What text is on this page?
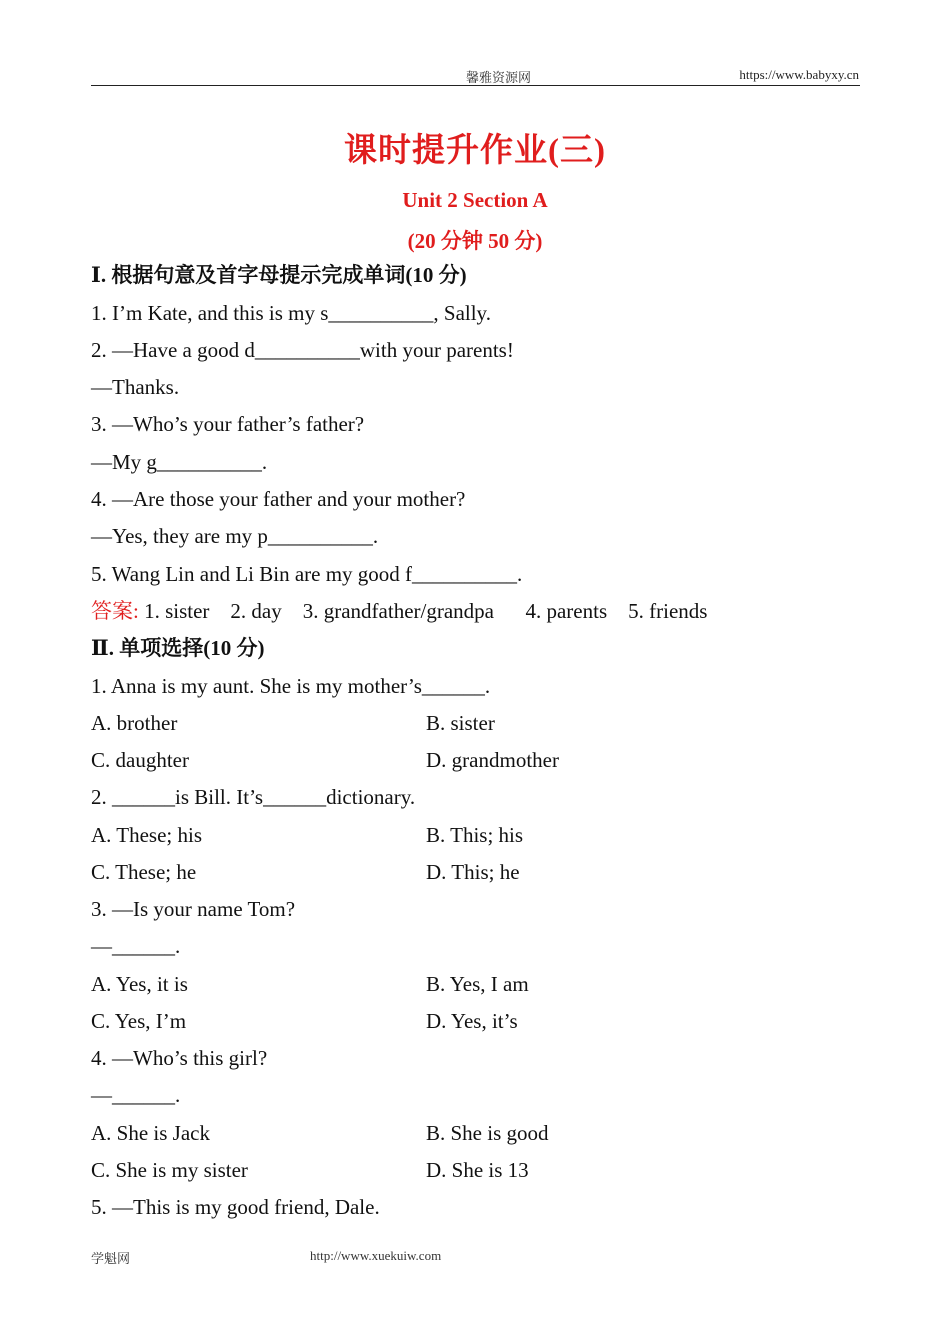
馨雅资源网	https://www.babyxy.cn
课时提升作业(三)
Unit 2 Section A
(20 分钟 50 分)
Ⅰ. 根据句意及首字母提示完成单词(10 分)
1. I’m Kate, and this is my s__________, Sally.
2. —Have a good d__________with your parents!
—Thanks.
3. —Who’s your father’s father?
—My g__________.
4. —Are those your father and your mother?
—Yes, they are my p__________.
5. Wang Lin and Li Bin are my good f__________.
答案: 1. sister    2. day    3. grandfather/grandpa      4. parents    5. friends
Ⅱ. 单项选择(10 分)
1. Anna is my aunt. She is my mother’s______.
A. brother	B. sister
C. daughter	D. grandmother
2. ______is Bill. It’s______dictionary.
A. These; his	B. This; his
C. These; he	D. This; he
3. —Is your name Tom?
—______.
A. Yes, it is	B. Yes, I am
C. Yes, I’m	D. Yes, it’s
4. —Who’s this girl?
—______.
A. She is Jack	B. She is good
C. She is my sister	D. She is 13
5. —This is my good friend, Dale.
学魁网	http://www.xuekuiw.com
